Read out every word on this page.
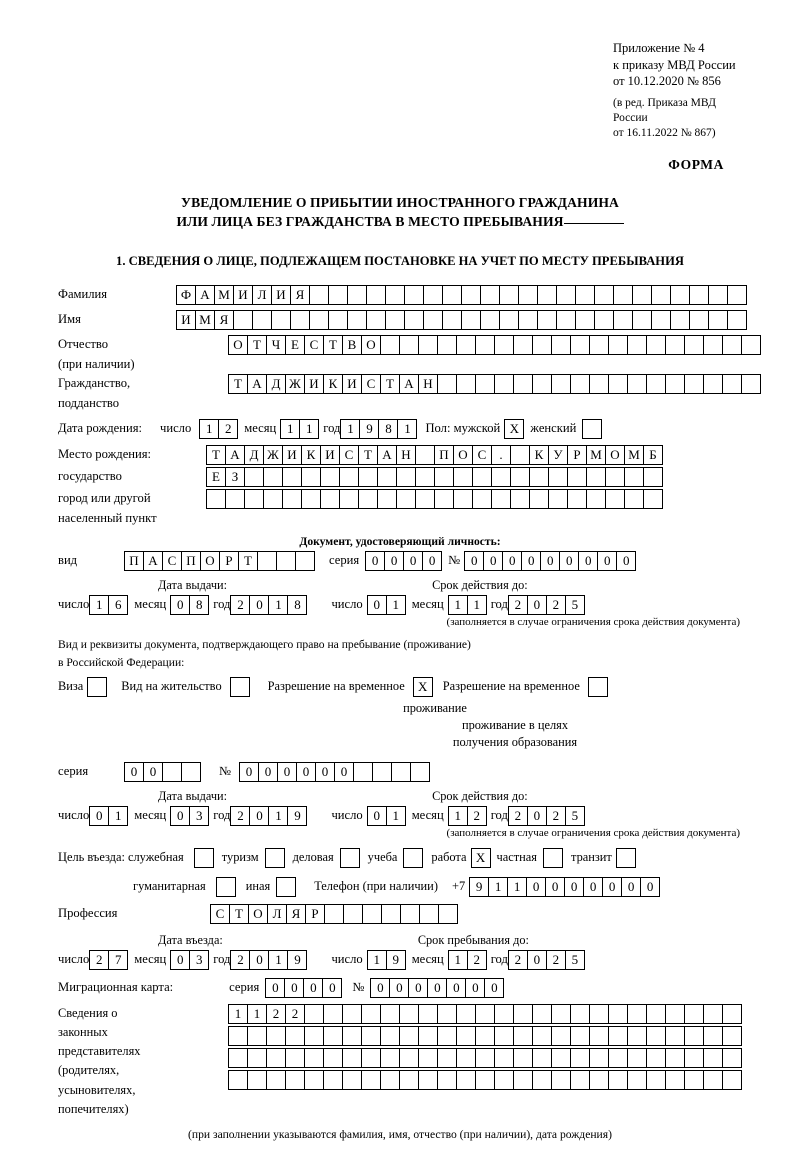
Приложение № 4
к приказу МВД России
от 10.12.2020 № 856
(в ред. Приказа МВД России
от 16.11.2022 № 867)
ФОРМА
УВЕДОМЛЕНИЕ О ПРИБЫТИИ ИНОСТРАННОГО ГРАЖДАНИНА
ИЛИ ЛИЦА БЕЗ ГРАЖДАНСТВА В МЕСТО ПРЕБЫВАНИЯ
1. СВЕДЕНИЯ О ЛИЦЕ, ПОДЛЕЖАЩЕМ ПОСТАНОВКЕ НА УЧЕТ ПО МЕСТУ ПРЕБЫВАНИЯ
Фамилия	Ф А М И Л И Я
Имя	И М Я
Отчество	О Т Ч Е С Т В О
(при наличии)
Гражданство,	Т А Д Ж И К И С Т А Н
подданство
Дата рождения: число	1 2	месяц 1 1 год 1 9 8 1	Пол: мужской X женский
Место рождения:	Т А Д Ж И К И С Т А Н	П О С	.	К У Р М О М Б
государство	Е З
город или другой
населенный пункт
Документ, удостоверяющий личность:
вид	П А С П О Р Т	серия 0 0 0 0	№ 0 0 0 0 0 0 0 0 0
Дата выдачи:	Срок действия до:
число 1 6	месяц 0 8 год 2 0 1 8	число 0 1	месяц 1 1 год 2 0 2 5
(заполняется в случае ограничения срока действия документа)
Вид и реквизиты документа, подтверждающего право на пребывание (проживание)
в Российской Федерации:
Виза	Вид на жительство	Разрешение на временное	X	Разрешение на временное
проживание
проживание в целях
получения образования
серия	0 0	№	0 0 0 0 0 0
Дата выдачи:	Срок действия до:
число 0 1	месяц 0 3 год 2 0 1 9	число 0 1	месяц 1 2 год 2 0 2 5
(заполняется в случае ограничения срока действия документа)
Цель въезда: служебная	туризм	деловая	учеба	работа X частная	транзит
гуманитарная	иная	Телефон (при наличии) +7 9 1 1 0 0 0 0 0 0 0
Профессия	С Т О Л Я Р
Дата въезда:	Срок пребывания до:
число 2 7	месяц 0 3 год 2 0 1 9	число 1 9	месяц 1 2 год 2 0 2 5
Миграционная карта:	серия 0 0 0 0	№ 0 0 0 0 0 0 0
Сведения о
законных
представителях
(родителях,
усыновителях,
попечителях)
1 1 2 2
(при заполнении указываются фамилия, имя, отчество (при наличии), дата рождения)
